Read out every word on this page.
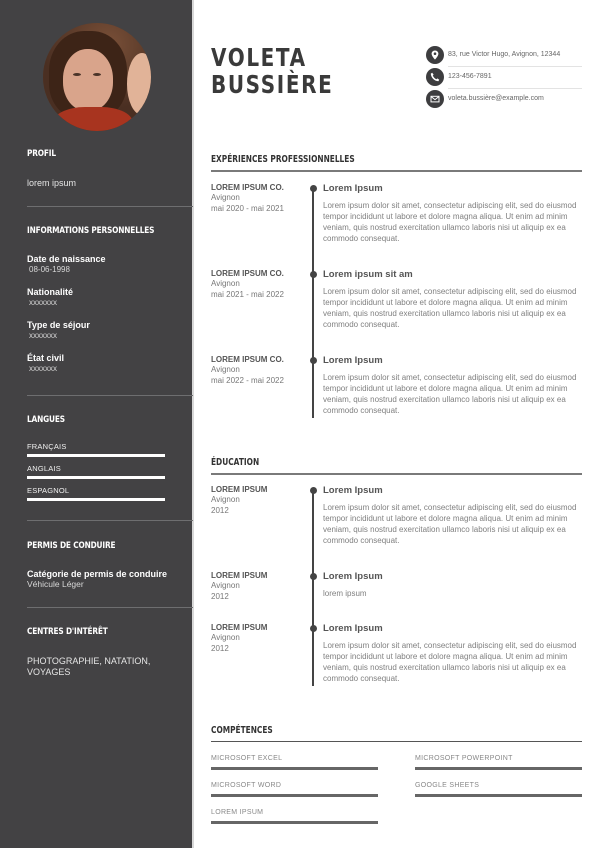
PROFIL
lorem ipsum
INFORMATIONS PERSONNELLES
Date de naissance
08-06-1998
Nationalité
xxxxxxx
Type de séjour
xxxxxxx
État civil
xxxxxxx
LANGUES
FRANÇAIS
ANGLAIS
ESPAGNOL
PERMIS DE CONDUIRE
Catégorie de permis de conduire
Véhicule Léger
CENTRES D'INTÉRÊT
PHOTOGRAPHIE, NATATION,
VOYAGES
VOLETA
BUSSIÈRE
83, rue Victor Hugo, Avignon, 12344
123-456-7891
voleta.bussière@example.com
EXPÉRIENCES PROFESSIONNELLES
LOREM IPSUM CO.
Avignon
mai 2020 - mai 2021
Lorem Ipsum
Lorem ipsum dolor sit amet, consectetur adipiscing elit, sed do eiusmod tempor incididunt ut labore et dolore magna aliqua. Ut enim ad minim veniam, quis nostrud exercitation ullamco laboris nisi ut aliquip ex ea commodo consequat.
LOREM IPSUM CO.
Avignon
mai 2021 - mai 2022
Lorem ipsum sit am
Lorem ipsum dolor sit amet, consectetur adipiscing elit, sed do eiusmod tempor incididunt ut labore et dolore magna aliqua. Ut enim ad minim veniam, quis nostrud exercitation ullamco laboris nisi ut aliquip ex ea commodo consequat.
LOREM IPSUM CO.
Avignon
mai 2022 - mai 2022
Lorem Ipsum
Lorem ipsum dolor sit amet, consectetur adipiscing elit, sed do eiusmod tempor incididunt ut labore et dolore magna aliqua. Ut enim ad minim veniam, quis nostrud exercitation ullamco laboris nisi ut aliquip ex ea commodo consequat.
ÉDUCATION
LOREM IPSUM
Avignon
2012
Lorem Ipsum
Lorem ipsum dolor sit amet, consectetur adipiscing elit, sed do eiusmod tempor incididunt ut labore et dolore magna aliqua. Ut enim ad minim veniam, quis nostrud exercitation ullamco laboris nisi ut aliquip ex ea commodo consequat.
LOREM IPSUM
Avignon
2012
Lorem Ipsum
lorem ipsum
LOREM IPSUM
Avignon
2012
Lorem Ipsum
Lorem ipsum dolor sit amet, consectetur adipiscing elit, sed do eiusmod tempor incididunt ut labore et dolore magna aliqua. Ut enim ad minim veniam, quis nostrud exercitation ullamco laboris nisi ut aliquip ex ea commodo consequat.
COMPÉTENCES
MICROSOFT EXCEL	MICROSOFT POWERPOINT
MICROSOFT WORD	GOOGLE SHEETS
LOREM IPSUM
